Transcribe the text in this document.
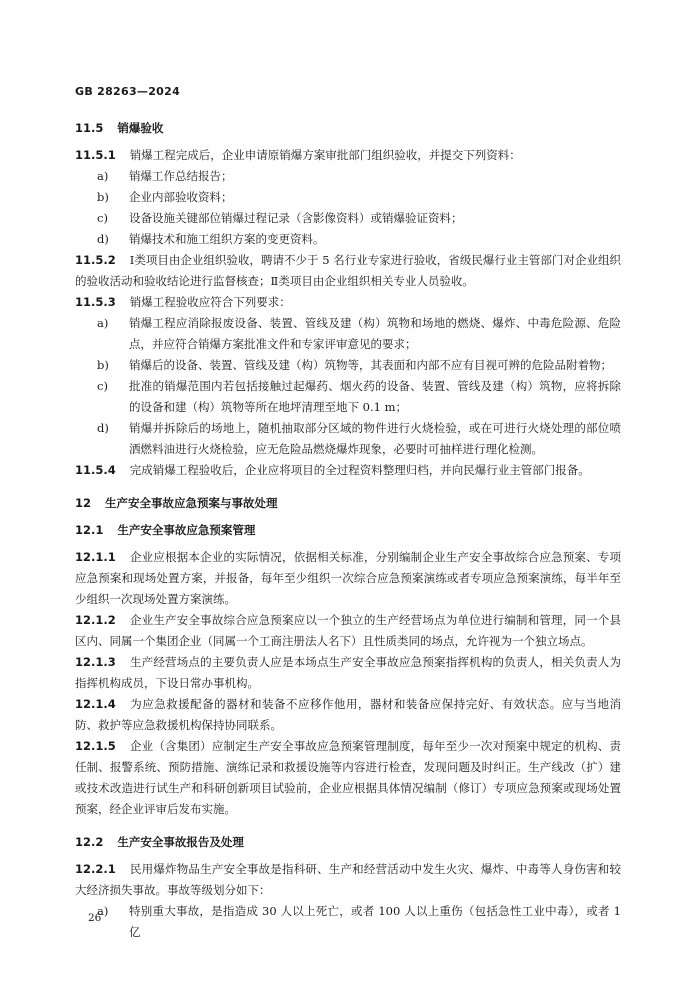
GB 28263—2024
11.5 销爆验收

11.5.1 销爆工程完成后，企业申请原销爆方案审批部门组织验收，并提交下列资料：

a)	销爆工作总结报告；
b)	企业内部验收资料；
c)	设备设施关键部位销爆过程记录（含影像资料）或销爆验证资料；
d)	销爆技术和施工组织方案的变更资料。

11.5.2 Ⅰ类项目由企业组织验收，聘请不少于 5 名行业专家进行验收，省级民爆行业主管部门对企业组织的验收活动和验收结论进行监督核查；Ⅱ类项目由企业组织相关专业人员验收。

11.5.3 销爆工程验收应符合下列要求：

a)	销爆工程应消除报废设备、装置、管线及建（构）筑物和场地的燃烧、爆炸、中毒危险源、危险点，并应符合销爆方案批准文件和专家评审意见的要求；
b)	销爆后的设备、装置、管线及建（构）筑物等，其表面和内部不应有目视可辨的危险品附着物；
c)	批准的销爆范围内若包括接触过起爆药、烟火药的设备、装置、管线及建（构）筑物，应将拆除的设备和建（构）筑物等所在地坪清理至地下 0.1 m；
d)	销爆并拆除后的场地上，随机抽取部分区域的物件进行火烧检验，或在可进行火烧处理的部位喷洒燃料油进行火烧检验，应无危险品燃烧爆炸现象，必要时可抽样进行理化检测。

11.5.4 完成销爆工程验收后，企业应将项目的全过程资料整理归档，并向民爆行业主管部门报备。

12 生产安全事故应急预案与事故处理
12.1 生产安全事故应急预案管理

12.1.1 企业应根据本企业的实际情况，依据相关标准，分别编制企业生产安全事故综合应急预案、专项应急预案和现场处置方案，并报备，每年至少组织一次综合应急预案演练或者专项应急预案演练，每半年至少组织一次现场处置方案演练。

12.1.2 企业生产安全事故综合应急预案应以一个独立的生产经营场点为单位进行编制和管理，同一个县区内、同属一个集团企业（同属一个工商注册法人名下）且性质类同的场点，允许视为一个独立场点。

12.1.3 生产经营场点的主要负责人应是本场点生产安全事故应急预案指挥机构的负责人，相关负责人为指挥机构成员，下设日常办事机构。

12.1.4 为应急救援配备的器材和装备不应移作他用，器材和装备应保持完好、有效状态。应与当地消防、救护等应急救援机构保持协同联系。

12.1.5 企业（含集团）应制定生产安全事故应急预案管理制度，每年至少一次对预案中规定的机构、责任制、报警系统、预防措施、演练记录和救援设施等内容进行检查，发现问题及时纠正。生产线改（扩）建或技术改造进行试生产和科研创新项目试验前，企业应根据具体情况编制（修订）专项应急预案或现场处置预案，经企业评审后发布实施。

12.2 生产安全事故报告及处理

12.2.1 民用爆炸物品生产安全事故是指科研、生产和经营活动中发生火灾、爆炸、中毒等人身伤害和较大经济损失事故。事故等级划分如下：

a)	特别重大事故，是指造成 30 人以上死亡，或者 100 人以上重伤（包括急性工业中毒），或者 1 亿
26
